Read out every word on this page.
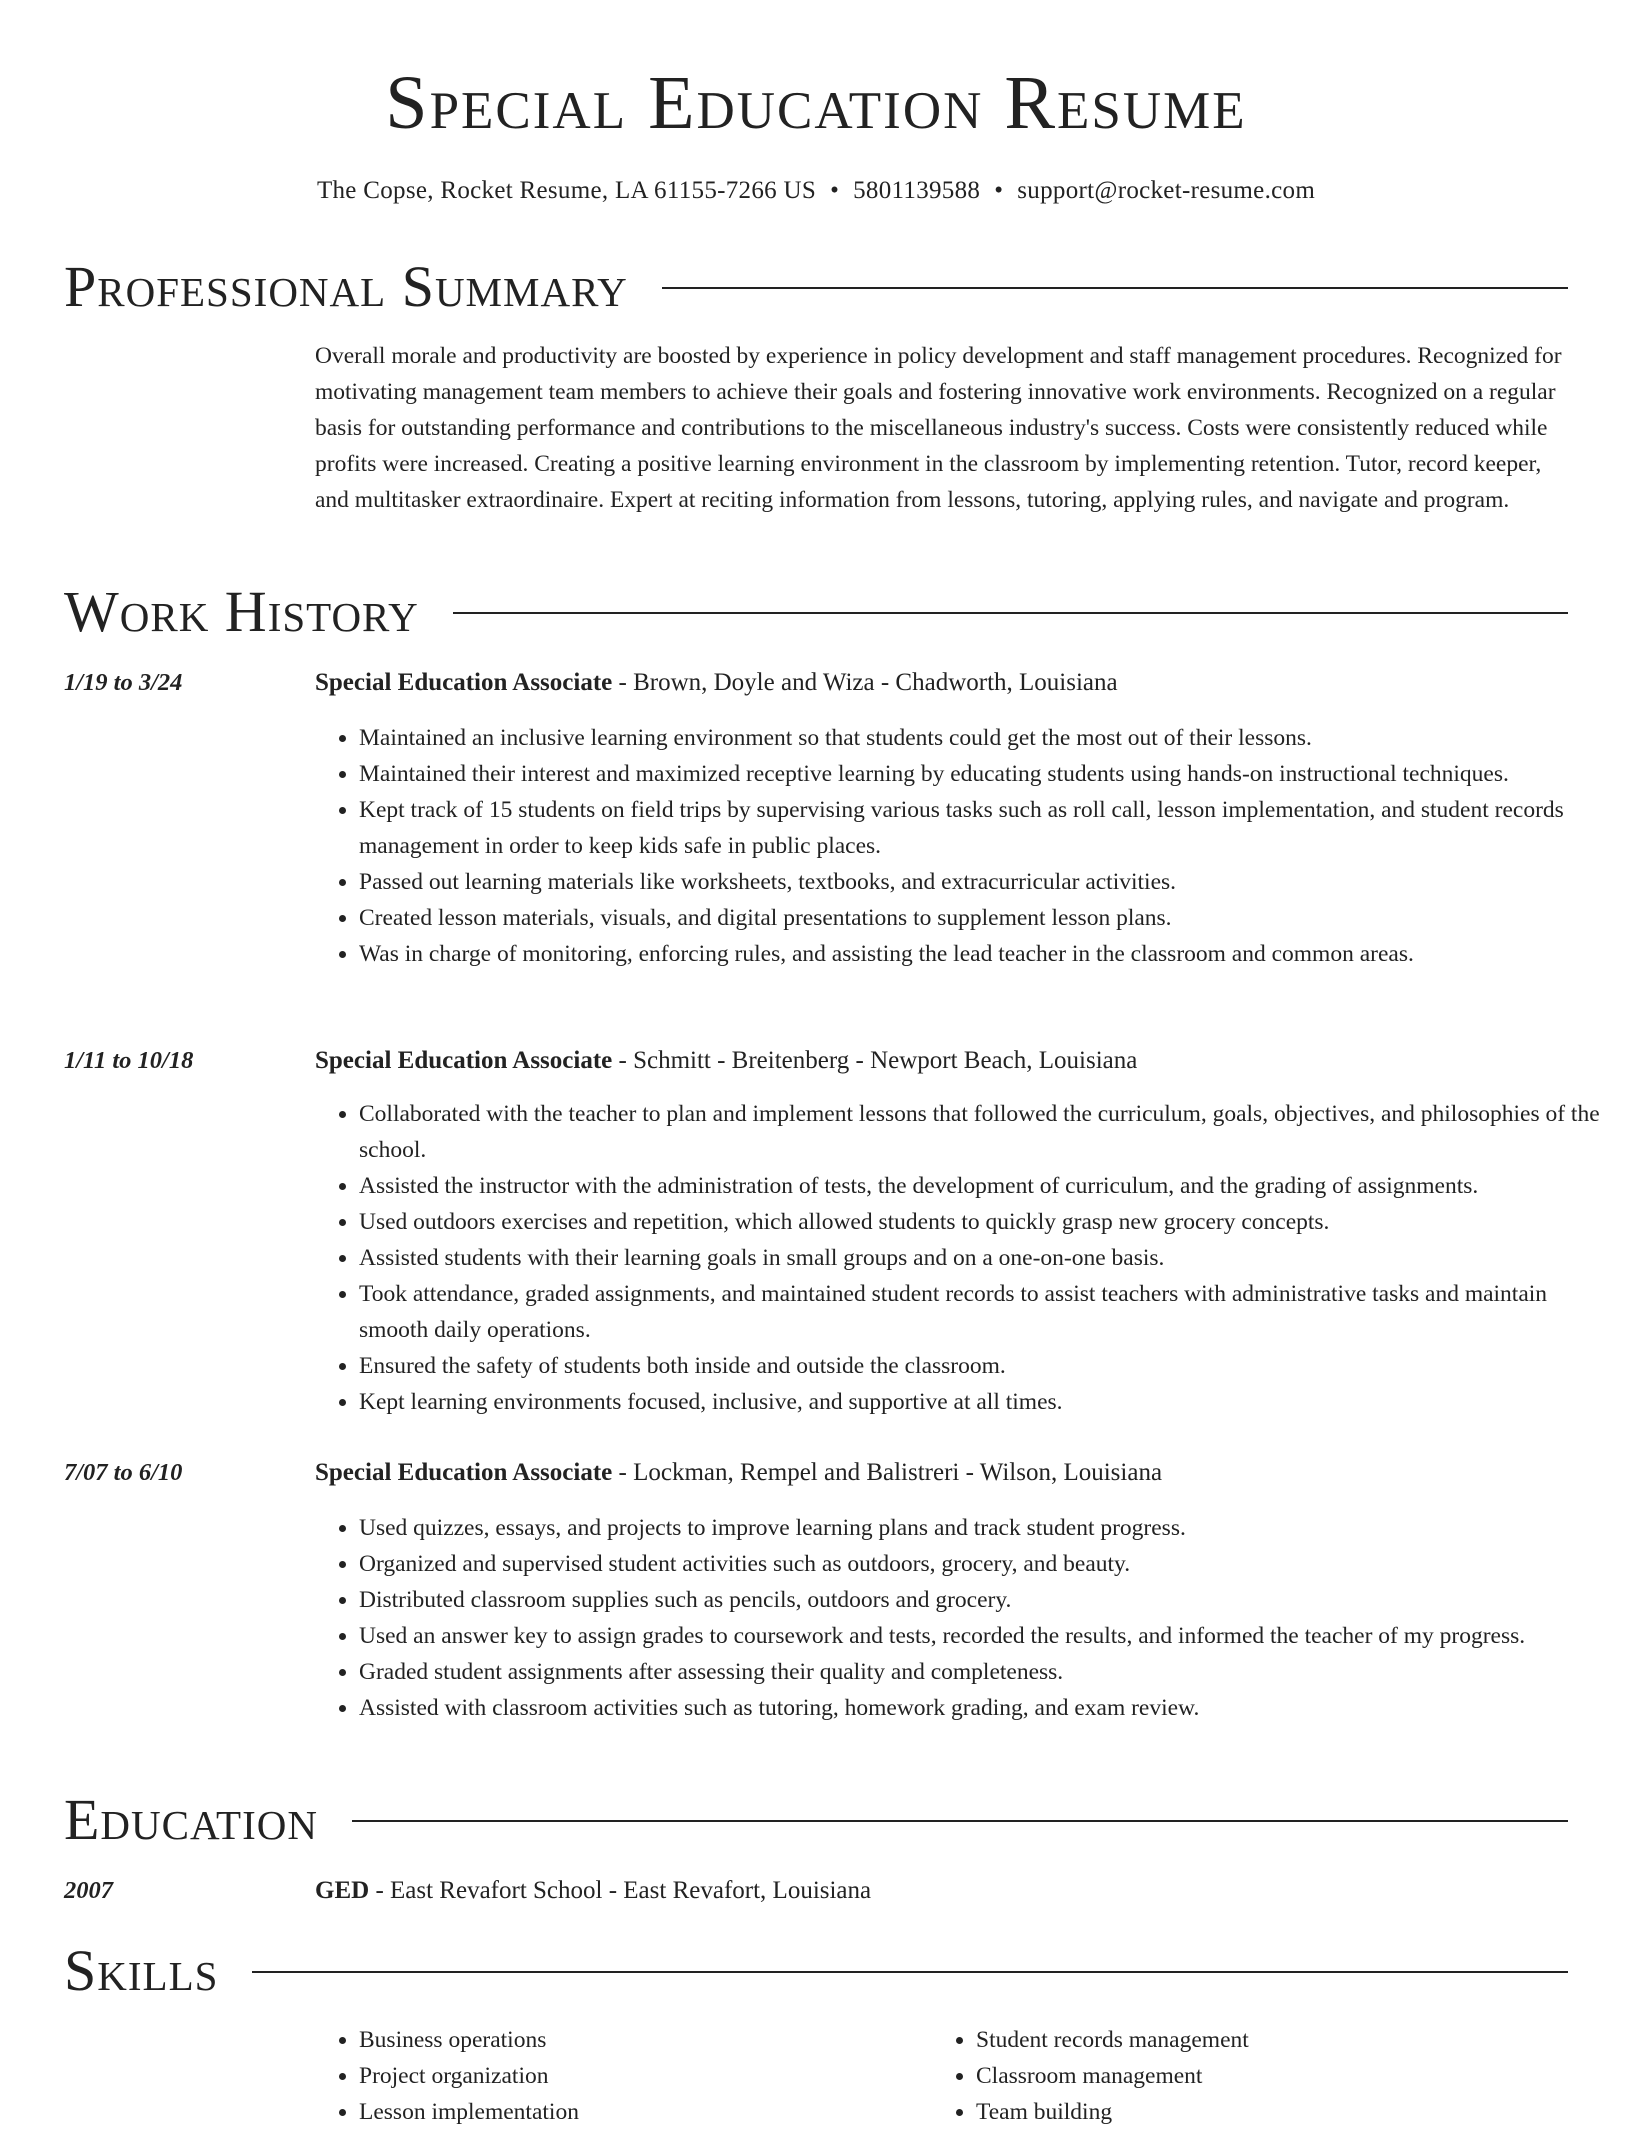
Special Education Resume
The Copse, Rocket Resume, LA 61155-7266 US • 5801139588 • support@rocket-resume.com
Professional Summary

Overall morale and productivity are boosted by experience in policy development and staff management procedures. Recognized for motivating management team members to achieve their goals and fostering innovative work environments. Recognized on a regular basis for outstanding performance and contributions to the miscellaneous industry's success. Costs were consistently reduced while profits were increased. Creating a positive learning environment in the classroom by implementing retention. Tutor, record keeper, and multitasker extraordinaire. Expert at reciting information from lessons, tutoring, applying rules, and navigate and program.

Work History
1/19 to 3/24	Special Education Associate - Brown, Doyle and Wiza - Chadworth, Louisiana
• Maintained an inclusive learning environment so that students could get the most out of their lessons.
• Maintained their interest and maximized receptive learning by educating students using hands-on instructional techniques.
• Kept track of 15 students on field trips by supervising various tasks such as roll call, lesson implementation, and student records management in order to keep kids safe in public places.
• Passed out learning materials like worksheets, textbooks, and extracurricular activities.
• Created lesson materials, visuals, and digital presentations to supplement lesson plans.
• Was in charge of monitoring, enforcing rules, and assisting the lead teacher in the classroom and common areas.
1/11 to 10/18	Special Education Associate - Schmitt - Breitenberg - Newport Beach, Louisiana
• Collaborated with the teacher to plan and implement lessons that followed the curriculum, goals, objectives, and philosophies of the school.
• Assisted the instructor with the administration of tests, the development of curriculum, and the grading of assignments.
• Used outdoors exercises and repetition, which allowed students to quickly grasp new grocery concepts.
• Assisted students with their learning goals in small groups and on a one-on-one basis.
• Took attendance, graded assignments, and maintained student records to assist teachers with administrative tasks and maintain smooth daily operations.
• Ensured the safety of students both inside and outside the classroom.
• Kept learning environments focused, inclusive, and supportive at all times.
7/07 to 6/10	Special Education Associate - Lockman, Rempel and Balistreri - Wilson, Louisiana
• Used quizzes, essays, and projects to improve learning plans and track student progress.
• Organized and supervised student activities such as outdoors, grocery, and beauty.
• Distributed classroom supplies such as pencils, outdoors and grocery.
• Used an answer key to assign grades to coursework and tests, recorded the results, and informed the teacher of my progress.
• Graded student assignments after assessing their quality and completeness.
• Assisted with classroom activities such as tutoring, homework grading, and exam review.
Education
2007	GED - East Revafort School - East Revafort, Louisiana
Skills
• Business operations
• Project organization
• Lesson implementation
• Student records management
• Classroom management
• Team building
